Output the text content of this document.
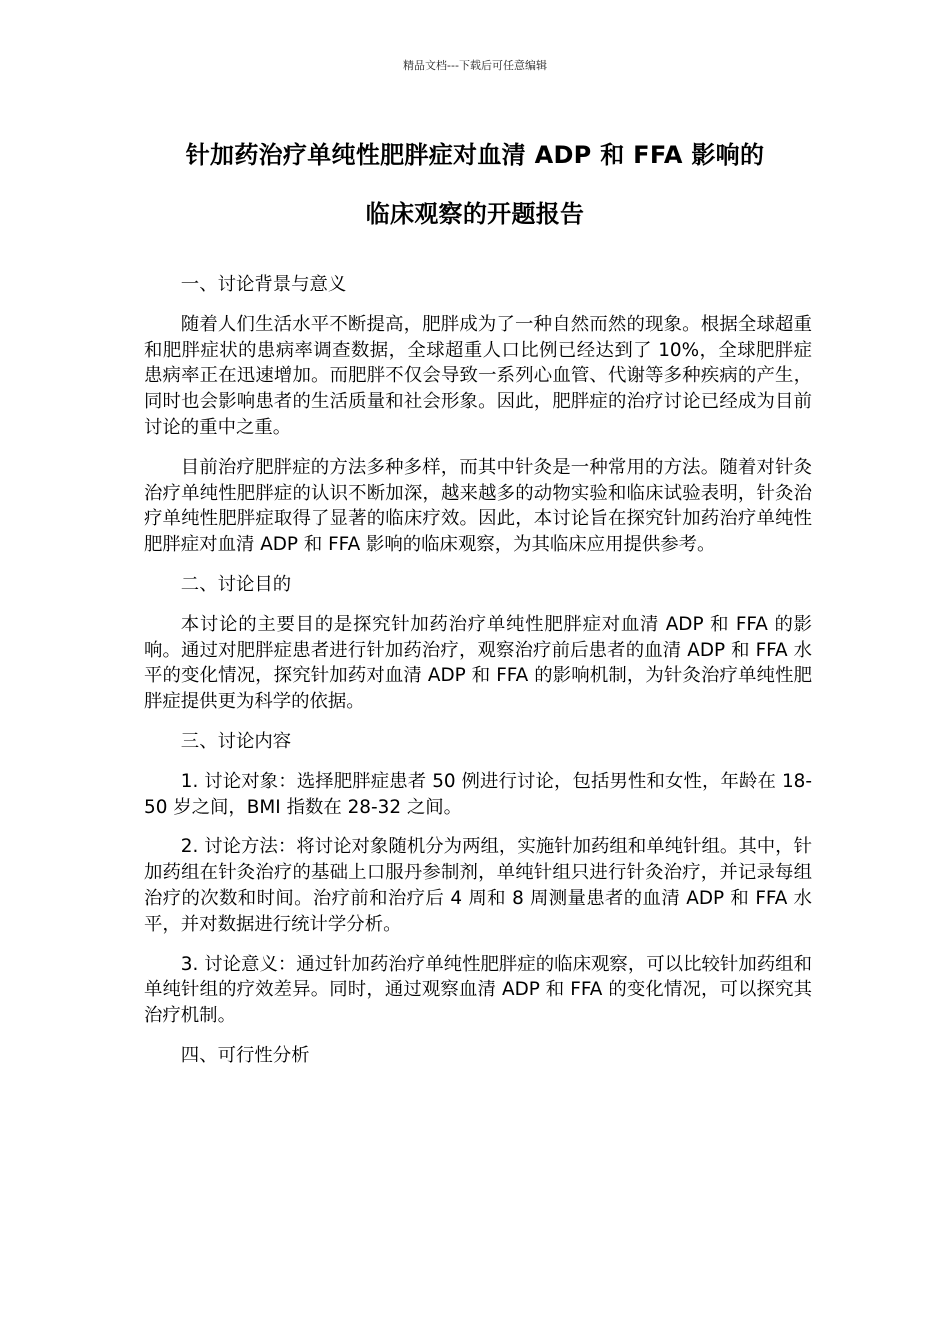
精品文档---下载后可任意编辑
针加药治疗单纯性肥胖症对血清 ADP 和 FFA 影响的
临床观察的开题报告

一、讨论背景与意义

随着人们生活水平不断提高，肥胖成为了一种自然而然的现象。根据全球超重和肥胖症状的患病率调查数据，全球超重人口比例已经达到了 10%，全球肥胖症患病率正在迅速增加。而肥胖不仅会导致一系列心血管、代谢等多种疾病的产生，同时也会影响患者的生活质量和社会形象。因此，肥胖症的治疗讨论已经成为目前讨论的重中之重。

目前治疗肥胖症的方法多种多样，而其中针灸是一种常用的方法。随着对针灸治疗单纯性肥胖症的认识不断加深，越来越多的动物实验和临床试验表明，针灸治疗单纯性肥胖症取得了显著的临床疗效。因此，本讨论旨在探究针加药治疗单纯性肥胖症对血清 ADP 和 FFA 影响的临床观察，为其临床应用提供参考。

二、讨论目的

本讨论的主要目的是探究针加药治疗单纯性肥胖症对血清 ADP 和 FFA 的影响。通过对肥胖症患者进行针加药治疗，观察治疗前后患者的血清 ADP 和 FFA 水平的变化情况，探究针加药对血清 ADP 和 FFA 的影响机制，为针灸治疗单纯性肥胖症提供更为科学的依据。

三、讨论内容

1. 讨论对象：选择肥胖症患者 50 例进行讨论，包括男性和女性，年龄在 18-50 岁之间，BMI 指数在 28-32 之间。

2. 讨论方法：将讨论对象随机分为两组，实施针加药组和单纯针组。其中，针加药组在针灸治疗的基础上口服丹参制剂，单纯针组只进行针灸治疗，并记录每组治疗的次数和时间。治疗前和治疗后 4 周和 8 周测量患者的血清 ADP 和 FFA 水平，并对数据进行统计学分析。

3. 讨论意义：通过针加药治疗单纯性肥胖症的临床观察，可以比较针加药组和单纯针组的疗效差异。同时，通过观察血清 ADP 和 FFA 的变化情况，可以探究其治疗机制。

四、可行性分析
